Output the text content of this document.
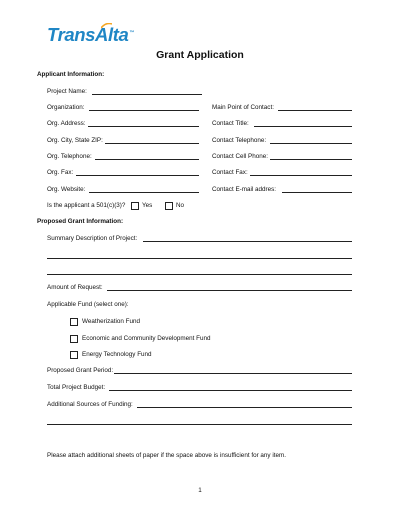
TransAlta™
Grant Application
Applicant Information:
Project Name:
Organization:	Main Point of Contact:
Org. Address:	Contact Title:
Org. City, State ZIP:	Contact Telephone:
Org. Telephone:	Contact Cell Phone:
Org. Fax:	Contact Fax:
Org. Website:	Contact E-mail addres:
Is the applicant a 501(c)(3)?	Yes	No
Proposed Grant Information:
Summary Description of Project:
Amount of Request:
Applicable Fund (select one):
Weatherization Fund
Economic and Community Development Fund
Energy Technology Fund
Proposed Grant Period:
Total Project Budget:
Additional Sources of Funding:
Please attach additional sheets of paper if the space above is insufficient for any item.
1
